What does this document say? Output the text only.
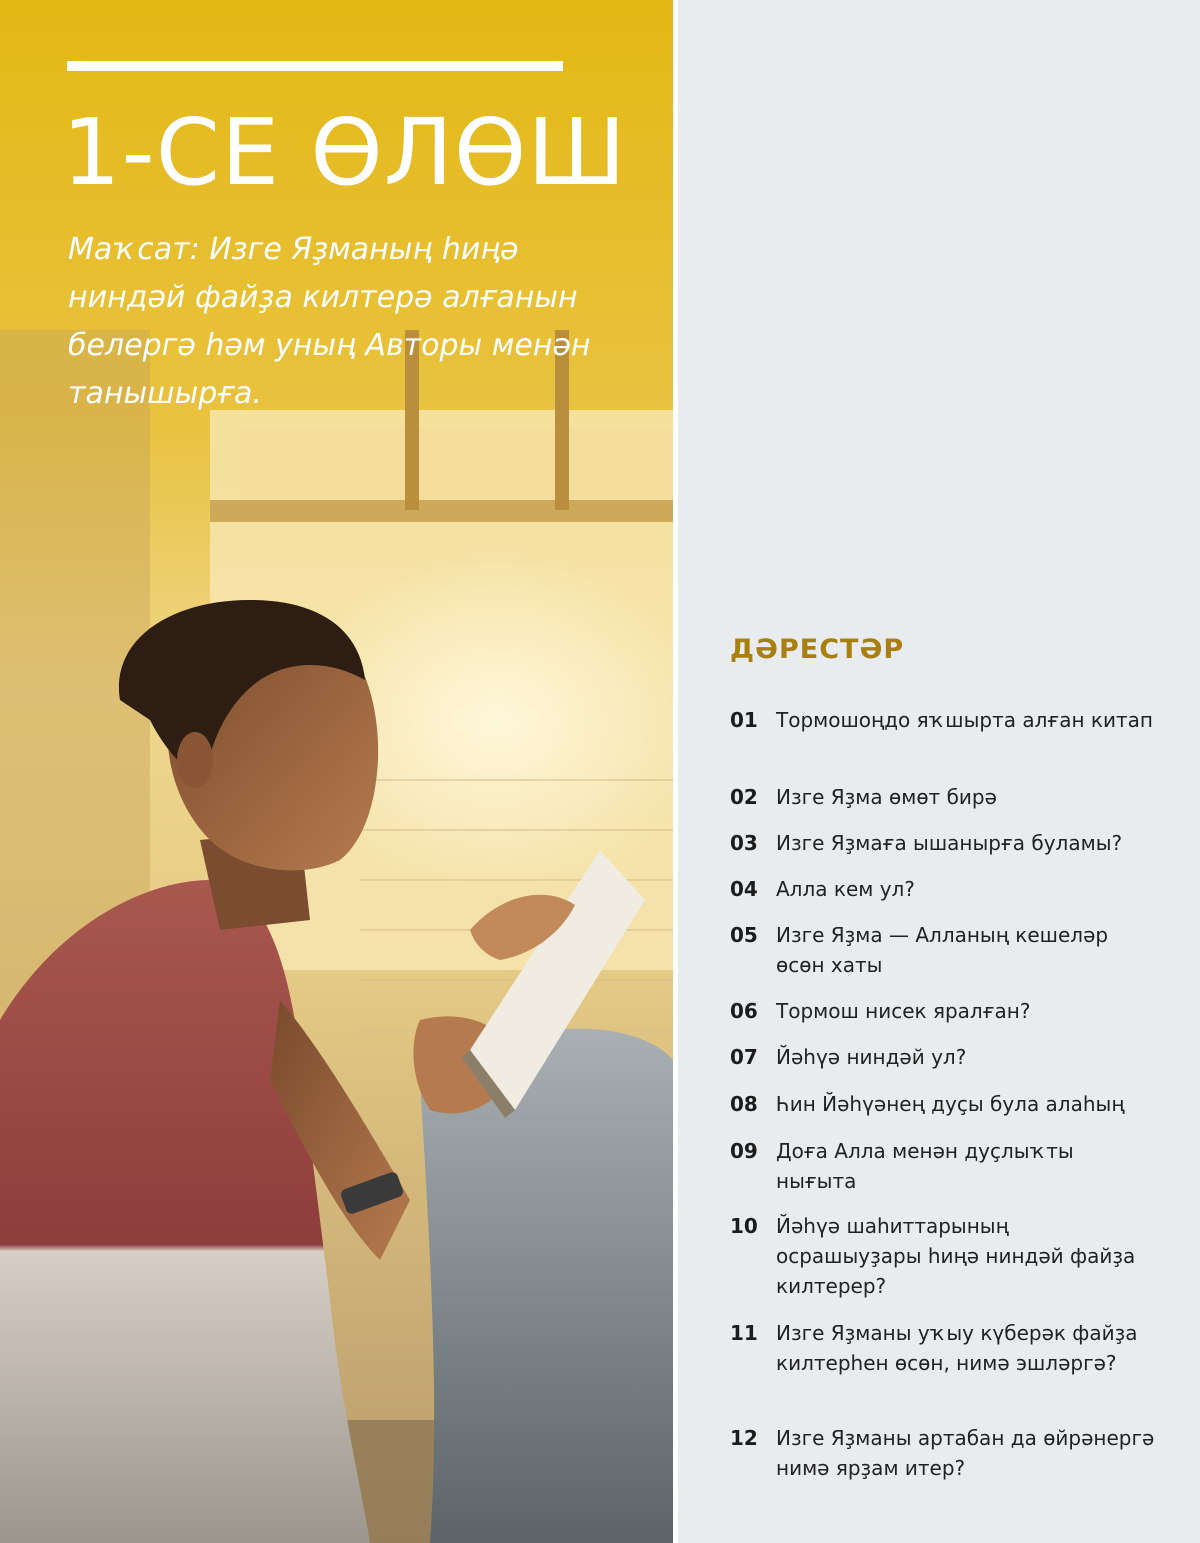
1-СЕ ӨЛӨШ

Маҡсат: Изге Яҙманың һиңә ниндәй файҙа килтерә алғанын белергә һәм уның Авторы менән танышырға.

ДӘРЕСТӘР
01 Тормошоңдо яҡшырта алған китап
02 Изге Яҙма өмөт бирә
03 Изге Яҙмаға ышанырға буламы?
04 Алла кем ул?
05 Изге Яҙма — Алланың кешеләр өсөн хаты
06 Тормош нисек яралған?
07 Йәһүә ниндәй ул?
08 Һин Йәһүәнең дуҫы була алаһың
09 Доға Алла менән дуҫлыҡты нығыта
10 Йәһүә шаһиттарының осрашыуҙары һиңә ниндәй файҙа килтерер?
11 Изге Яҙманы уҡыу күберәк файҙа килтерһен өсөн, нимә эшләргә?
12 Изге Яҙманы артабан да өйрәнергә нимә ярҙам итер?
